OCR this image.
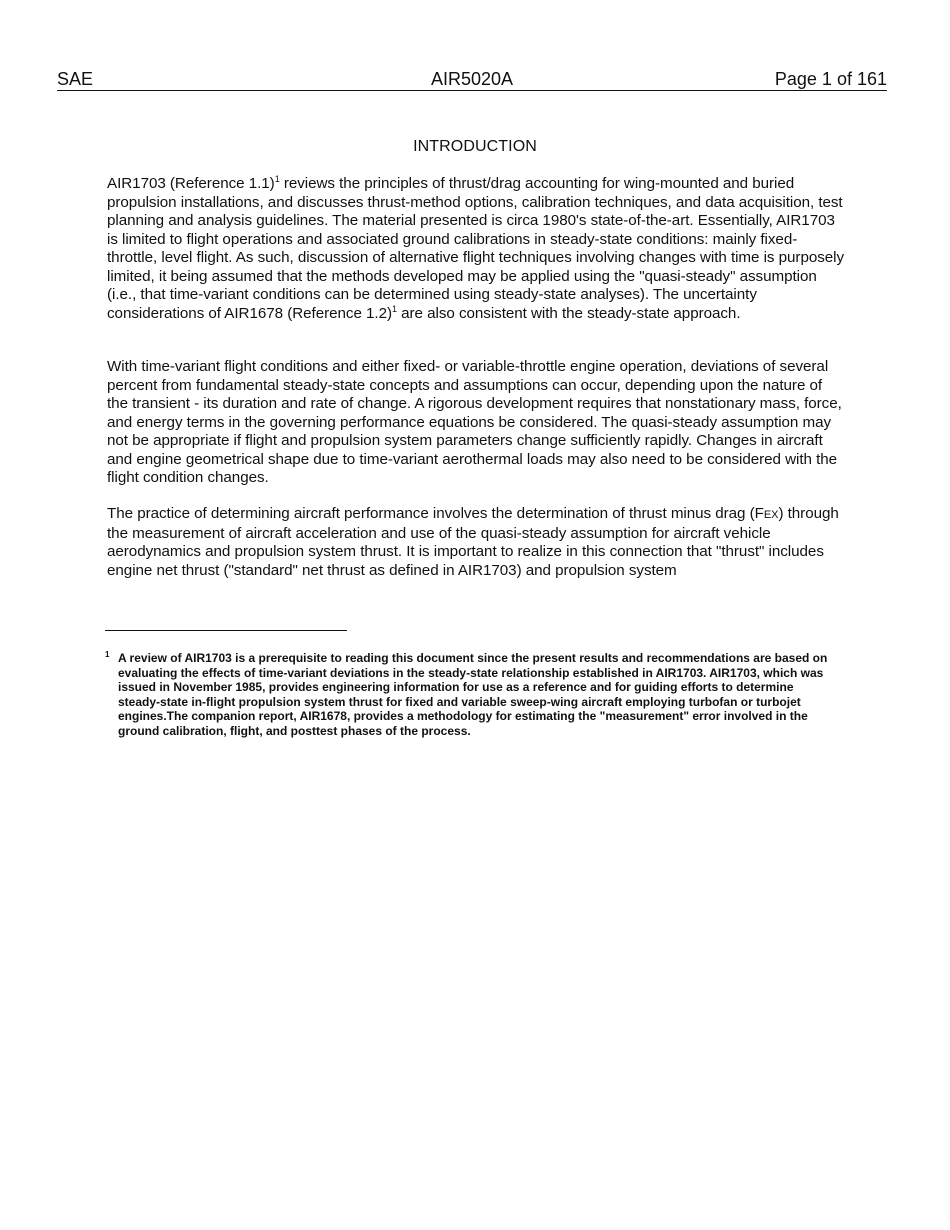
SAE	AIR5020A	Page 1 of 161
INTRODUCTION
AIR1703 (Reference 1.1)$^1$ reviews the principles of thrust/drag accounting for wing-mounted and buried propulsion installations, and discusses thrust-method options, calibration techniques, and data acquisition, test planning and analysis guidelines. The material presented is circa 1980's state-of-the-art. Essentially, AIR1703 is limited to flight operations and associated ground calibrations in steady-state conditions: mainly fixed-throttle, level flight. As such, discussion of alternative flight techniques involving changes with time is purposely limited, it being assumed that the methods developed may be applied using the "quasi-steady" assumption (i.e., that time-variant conditions can be determined using steady-state analyses). The uncertainty considerations of AIR1678 (Reference 1.2)$^1$ are also consistent with the steady-state approach.
With time-variant flight conditions and either fixed- or variable-throttle engine operation, deviations of several percent from fundamental steady-state concepts and assumptions can occur, depending upon the nature of the transient - its duration and rate of change. A rigorous development requires that nonstationary mass, force, and energy terms in the governing performance equations be considered. The quasi-steady assumption may not be appropriate if flight and propulsion system parameters change sufficiently rapidly. Changes in aircraft and engine geometrical shape due to time-variant aerothermal loads may also need to be considered with the flight condition changes.
The practice of determining aircraft performance involves the determination of thrust minus drag (FEX) through the measurement of aircraft acceleration and use of the quasi-steady assumption for aircraft vehicle aerodynamics and propulsion system thrust. It is important to realize in this connection that "thrust" includes engine net thrust ("standard" net thrust as defined in AIR1703) and propulsion system
1 A review of AIR1703 is a prerequisite to reading this document since the present results and recommendations are based on evaluating the effects of time-variant deviations in the steady-state relationship established in AIR1703. AIR1703, which was issued in November 1985, provides engineering information for use as a reference and for guiding efforts to determine steady-state in-flight propulsion system thrust for fixed and variable sweep-wing aircraft employing turbofan or turbojet engines.The companion report, AIR1678, provides a methodology for estimating the "measurement" error involved in the ground calibration, flight, and posttest phases of the process.
